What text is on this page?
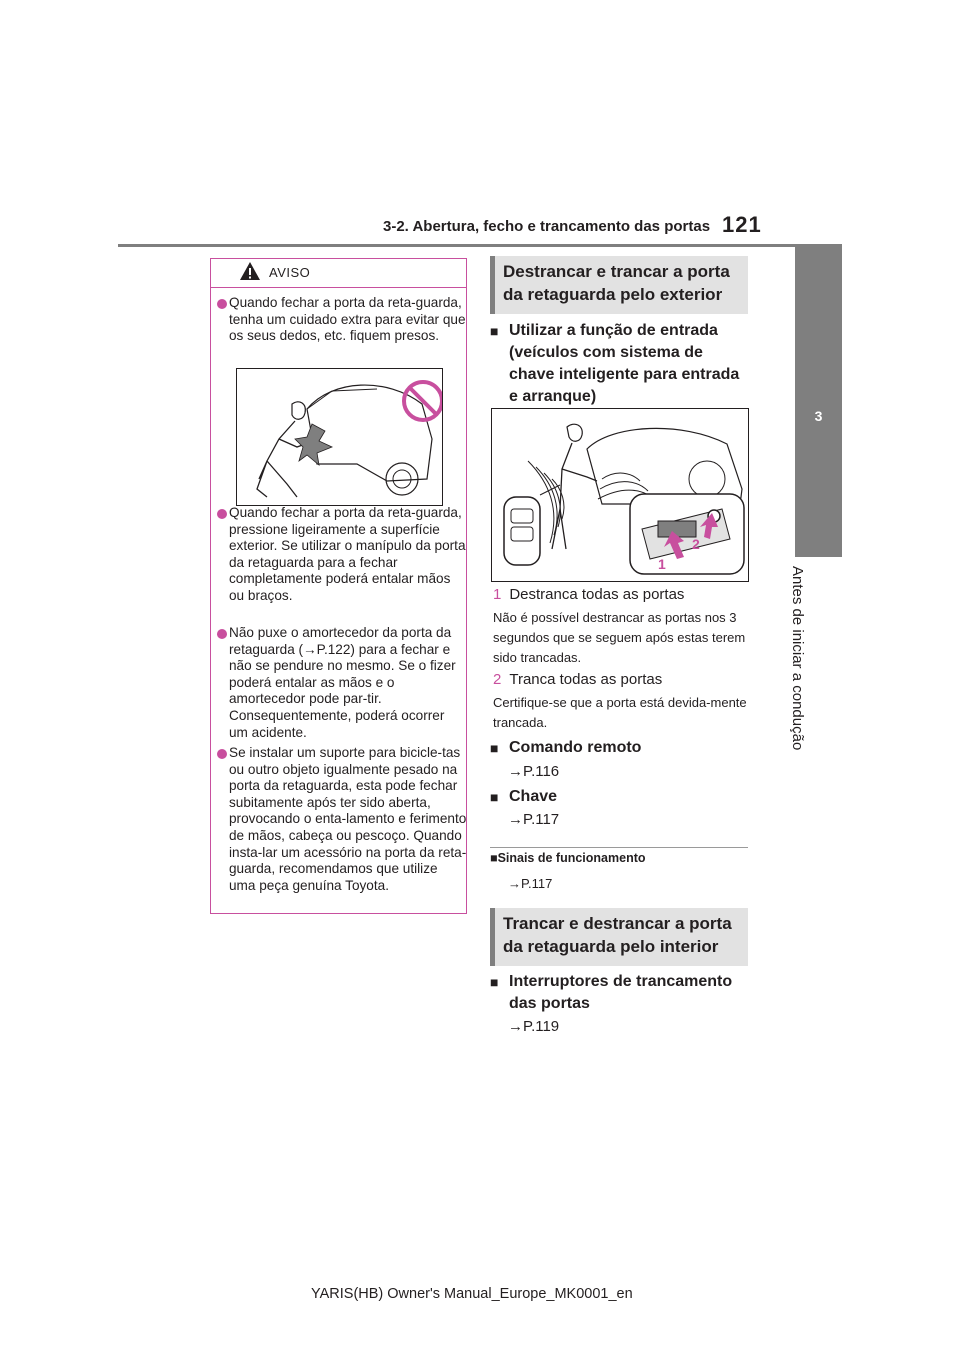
3-2. Abertura, fecho e trancamento das portas 121
3
Antes de iniciar a condução
AVISO
Quando fechar a porta da reta-guarda, tenha um cuidado extra para evitar que os seus dedos, etc. fiquem presos.
Quando fechar a porta da reta-guarda, pressione ligeiramente a superfície exterior. Se utilizar o manípulo da porta da retaguarda para a fechar completamente poderá entalar mãos ou braços.
Não puxe o amortecedor da porta da retaguarda (→P.122) para a fechar e não se pendure no mesmo. Se o fizer poderá entalar as mãos e o amortecedor pode par-tir. Consequentemente, poderá ocorrer um acidente.
Se instalar um suporte para bicicle-tas ou outro objeto igualmente pesado na porta da retaguarda, esta pode fechar subitamente após ter sido aberta, provocando o enta-lamento e ferimento de mãos, cabeça ou pescoço. Quando insta-lar um acessório na porta da reta-guarda, recomendamos que utilize uma peça genuína Toyota.
Destrancar e trancar a porta da retaguarda pelo exterior
■ Utilizar a função de entrada (veículos com sistema de chave inteligente para entrada e arranque)
2
1
1 Destranca todas as portas
Não é possível destrancar as portas nos 3 segundos que se seguem após estas terem sido trancadas.
2 Tranca todas as portas
Certifique-se que a porta está devida-mente trancada.
■ Comando remoto
→P.116
■ Chave
→P.117
■Sinais de funcionamento
→P.117
Trancar e destrancar a porta da retaguarda pelo interior
■ Interruptores de trancamento das portas
→P.119
YARIS(HB) Owner's Manual_Europe_MK0001_en
